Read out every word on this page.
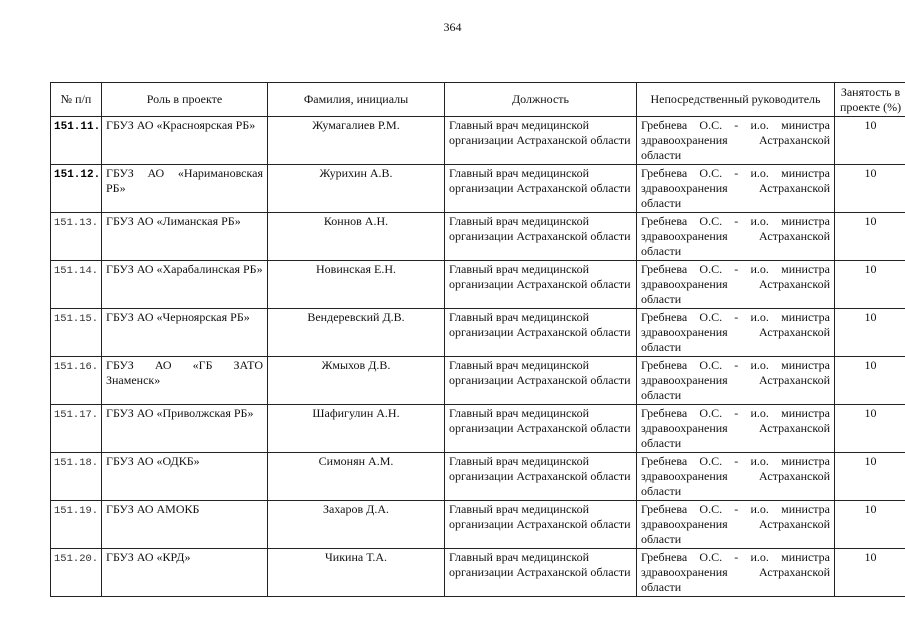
364
№ п/п	Роль в проекте	Фамилия, инициалы	Должность	Непосредственный руководитель	Занятость в проекте (%)
151.11.	ГБУЗ АО «Красноярская РБ»	Жумагалиев Р.М.	Главный врач медицинской организации Астраханской области	Гребнева О.С. - и.о. министра здравоохранения Астраханской области	10
151.12.	ГБУЗ АО «Наримановская РБ»	Журихин А.В.	Главный врач медицинской организации Астраханской области	Гребнева О.С. - и.о. министра здравоохранения Астраханской области	10
151.13.	ГБУЗ АО «Лиманская РБ»	Коннов А.Н.	Главный врач медицинской организации Астраханской области	Гребнева О.С. - и.о. министра здравоохранения Астраханской области	10
151.14.	ГБУЗ АО «Харабалинская РБ»	Новинская Е.Н.	Главный врач медицинской организации Астраханской области	Гребнева О.С. - и.о. министра здравоохранения Астраханской области	10
151.15.	ГБУЗ АО «Черноярская РБ»	Вендеревский Д.В.	Главный врач медицинской организации Астраханской области	Гребнева О.С. - и.о. министра здравоохранения Астраханской области	10
151.16.	ГБУЗ АО «ГБ ЗАТО Знаменск»	Жмыхов Д.В.	Главный врач медицинской организации Астраханской области	Гребнева О.С. - и.о. министра здравоохранения Астраханской области	10
151.17.	ГБУЗ АО «Приволжская РБ»	Шафигулин А.Н.	Главный врач медицинской организации Астраханской области	Гребнева О.С. - и.о. министра здравоохранения Астраханской области	10
151.18.	ГБУЗ АО «ОДКБ»	Симонян А.М.	Главный врач медицинской организации Астраханской области	Гребнева О.С. - и.о. министра здравоохранения Астраханской области	10
151.19.	ГБУЗ АО АМОКБ	Захаров Д.А.	Главный врач медицинской организации Астраханской области	Гребнева О.С. - и.о. министра здравоохранения Астраханской области	10
151.20.	ГБУЗ АО «КРД»	Чикина Т.А.	Главный врач медицинской организации Астраханской области	Гребнева О.С. - и.о. министра здравоохранения Астраханской области	10
